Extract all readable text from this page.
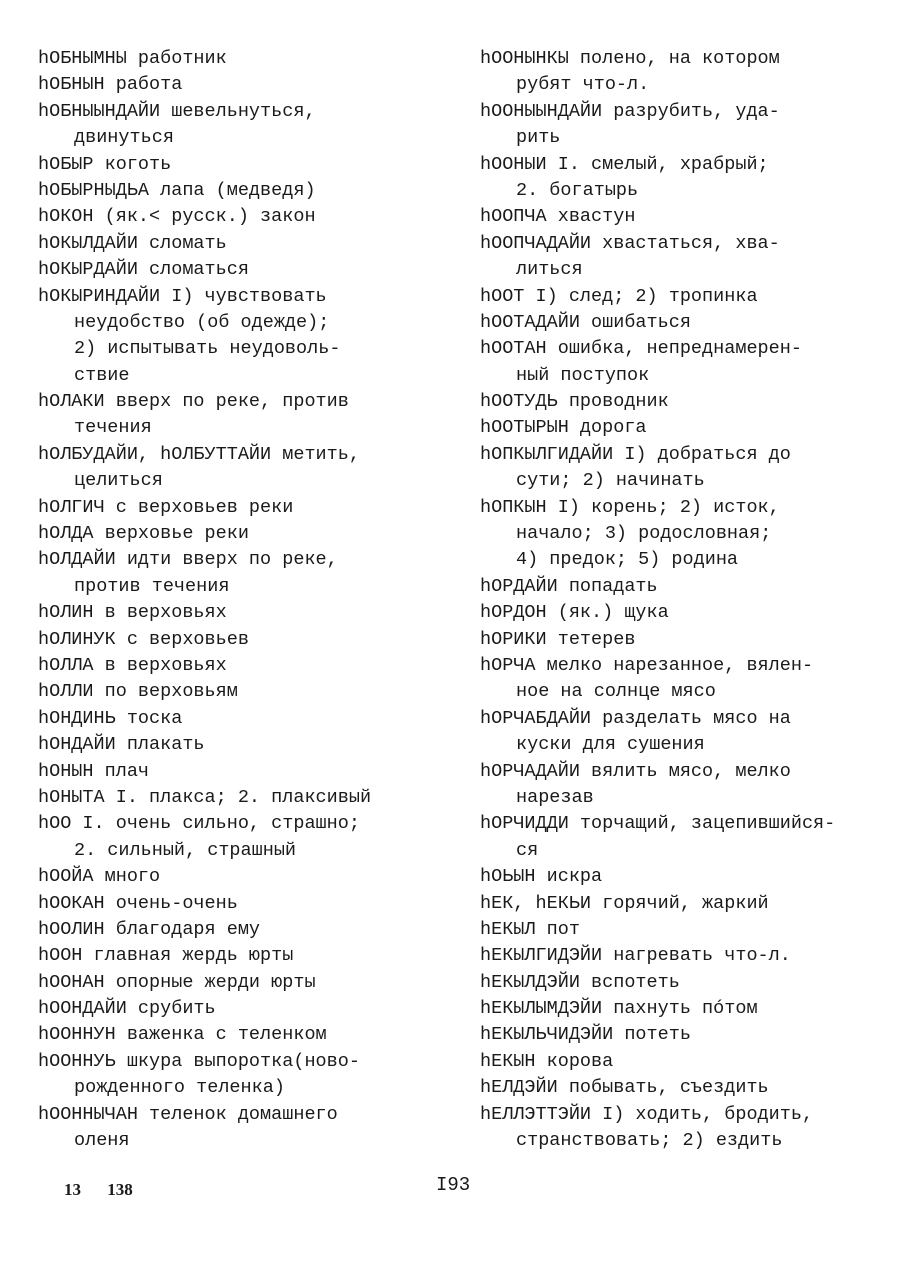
hОБНЫМНЫ работник
hОБНЫН работа
hОБНЫЫНДАЙИ шевельнуться,
двинуться
hОБЫР коготь
hОБЫРНЫДЬА лапа (медведя)
hОКОН (як.< русск.) закон
hОКЫЛДАЙИ сломать
hОКЫРДАЙИ сломаться
hОКЫРИНДАЙИ I) чувствовать
неудобство (об одежде);
2) испытывать неудоволь-
ствие
hОЛАКИ вверх по реке, против
течения
hОЛБУДАЙИ, hОЛБУТТАЙИ метить,
целиться
hОЛГИЧ с верховьев реки
hОЛДА верховье реки
hОЛДАЙИ идти вверх по реке,
против течения
hОЛИН в верховьях
hОЛИНУК с верховьев
hОЛЛА в верховьях
hОЛЛИ по верховьям
hОНДИНЬ тоска
hОНДАЙИ плакать
hОНЫН плач
hОНЫТА I. плакса; 2. плаксивый
hОО I. очень сильно, страшно;
2. сильный, страшный
hООЙА много
hООКАН очень-очень
hООЛИН благодаря ему
hООН главная жердь юрты
hООНАН опорные жерди юрты
hООНДАЙИ срубить
hООННУН важенка с теленком
hООННУЬ шкура выпоротка(ново-
рожденного теленка)
hООННЫЧАН теленок домашнего
оленя
hООНЫНКЫ полено, на котором
рубят что-л.
hООНЫЫНДАЙИ разрубить, уда-
рить
hООНЫИ I. смелый, храбрый;
2. богатырь
hООПЧА хвастун
hООПЧАДАЙИ хвастаться, хва-
литься
hООТ I) след; 2) тропинка
hООТАДАЙИ ошибаться
hООТАН ошибка, непреднамерен-
ный поступок
hООТУДЬ проводник
hООТЫРЫН дорога
hОПКЫЛГИДАЙИ I) добраться до
сути; 2) начинать
hОПКЫН I) корень; 2) исток,
начало; 3) родословная;
4) предок; 5) родина
hОРДАЙИ попадать
hОРДОН (як.) щука
hОРИКИ тетерев
hОРЧА мелко нарезанное, вялен-
ное на солнце мясо
hОРЧАБДАЙИ разделать мясо на
куски для сушения
hОРЧАДАЙИ вялить мясо, мелко
нарезав
hОРЧИДДИ торчащий, зацепившийся-
ся
hОЬЫН искра
hЕК, hЕКЬИ горячий, жаркий
hЕКЫЛ пот
hЕКЫЛГИДЭЙИ нагревать что-л.
hЕКЫЛДЭЙИ вспотеть
hЕКЫЛЫМДЭЙИ пахнуть пóтом
hЕКЫЛЬЧИДЭЙИ потеть
hЕКЫН корова
hЕЛДЭЙИ побывать, съездить
hЕЛЛЭТТЭЙИ I) ходить, бродить,
странствовать; 2) ездить
13 138	I93
